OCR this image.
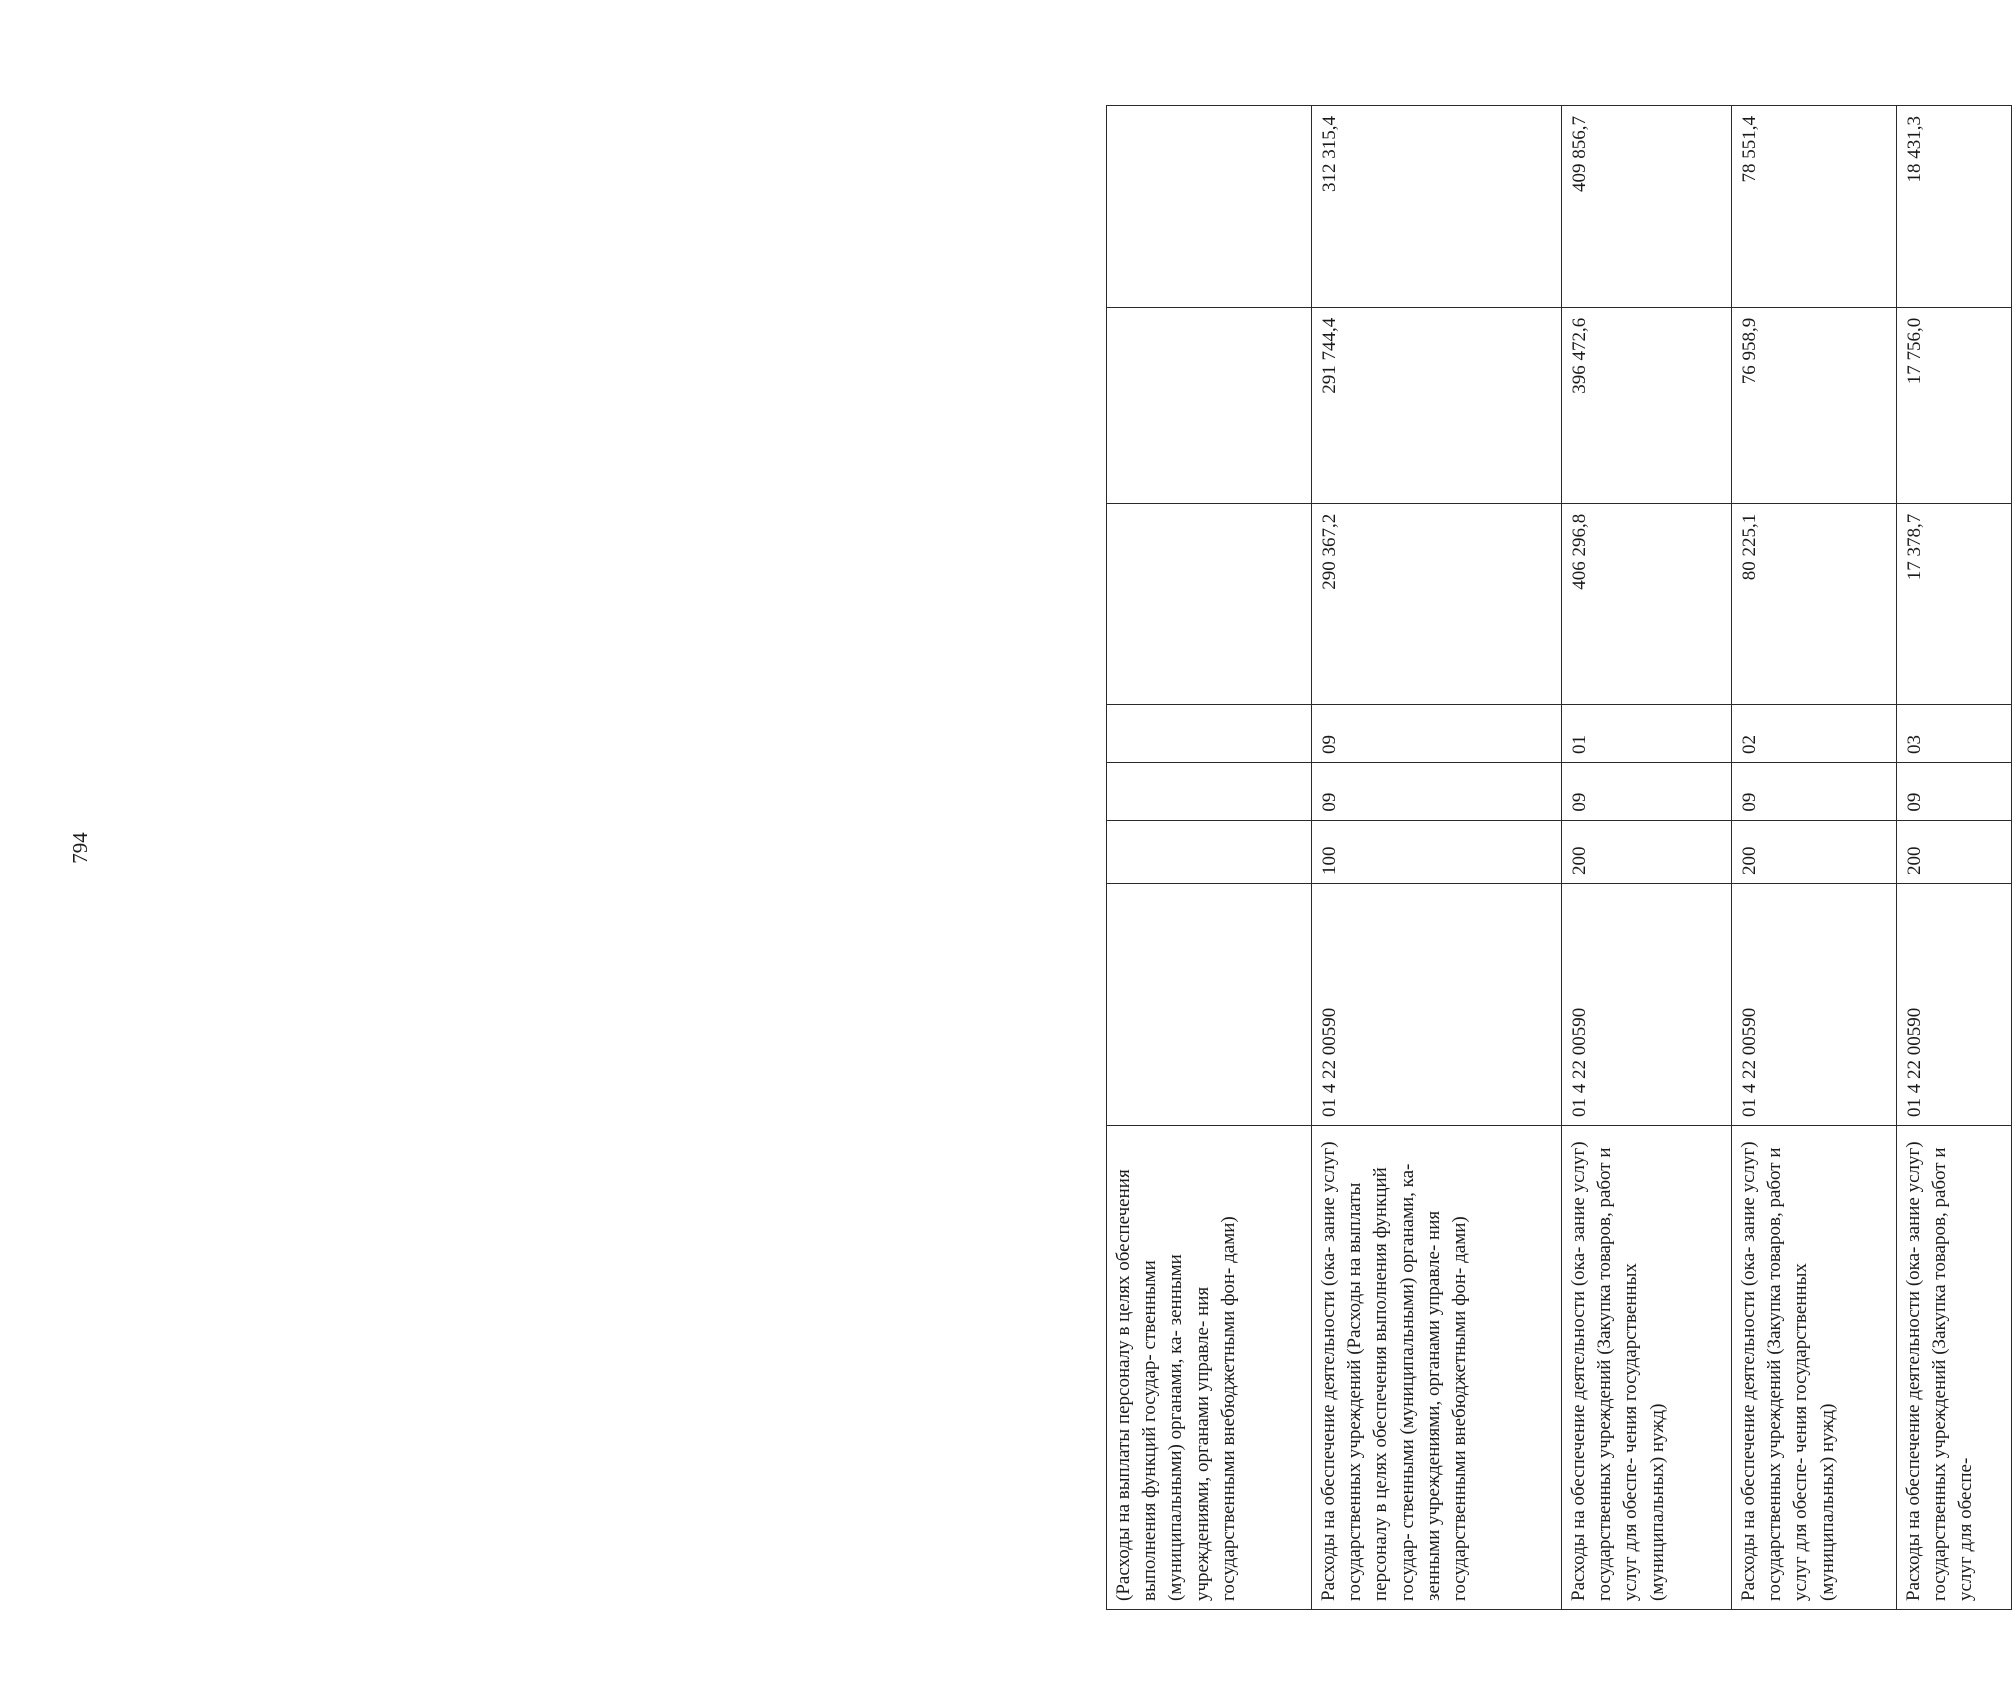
794
(Расходы на выплаты персоналу в целях обеспечения выполнения функций государ- ственными (муниципальными) органами, ка- зенными учреждениями, органами управле- ния государственными внебюджетными фон- дами)							
Расходы на обеспечение деятельности (ока- зание услуг) государственных учреждений (Расходы на выплаты персоналу в целях обеспечения выполнения функций государ- ственными (муниципальными) органами, ка- зенными учреждениями, органами управле- ния государственными внебюджетными фон- дами)	01 4 22 00590	100	09	09	290 367,2	291 744,4	312 315,4
Расходы на обеспечение деятельности (ока- зание услуг) государственных учреждений (Закупка товаров, работ и услуг для обеспе- чения государственных (муниципальных) нужд)	01 4 22 00590	200	09	01	406 296,8	396 472,6	409 856,7
Расходы на обеспечение деятельности (ока- зание услуг) государственных учреждений (Закупка товаров, работ и услуг для обеспе- чения государственных (муниципальных) нужд)	01 4 22 00590	200	09	02	80 225,1	76 958,9	78 551,4
Расходы на обеспечение деятельности (ока- зание услуг) государственных учреждений (Закупка товаров, работ и услуг для обеспе-	01 4 22 00590	200	09	03	17 378,7	17 756,0	18 431,3
